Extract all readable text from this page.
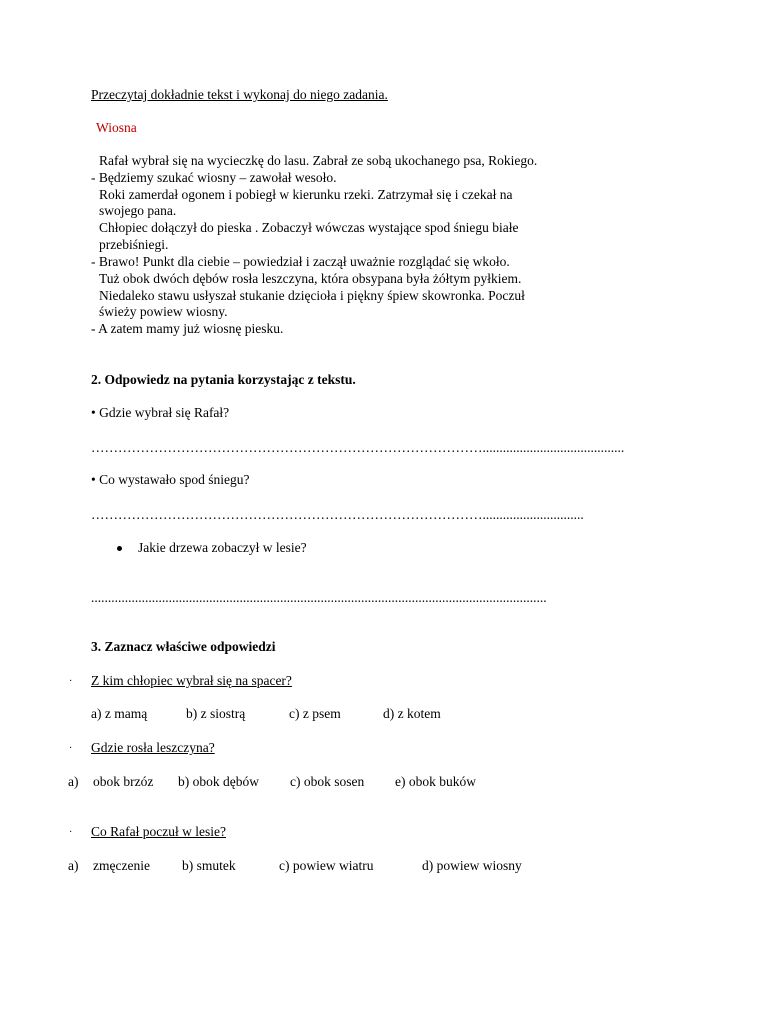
Przeczytaj dokładnie tekst i wykonaj do niego zadania.
Wiosna
Rafał wybrał się na wycieczkę do lasu. Zabrał ze sobą ukochanego psa, Rokiego.
- Będziemy szukać wiosny – zawołał wesoło.
Roki zamerdał ogonem i pobiegł w kierunku rzeki. Zatrzymał się i czekał na
swojego pana.
Chłopiec dołączył do pieska . Zobaczył wówczas wystające spod śniegu białe
przebiśniegi.
- Brawo! Punkt dla ciebie – powiedział i zaczął uważnie rozglądać się wkoło.
Tuż obok dwóch dębów rosła leszczyna, która obsypana była żółtym pyłkiem.
Niedaleko stawu usłyszał stukanie dzięcioła i piękny śpiew skowronka. Poczuł
świeży powiew wiosny.
- A zatem mamy już wiosnę piesku.
2. Odpowiedz na pytania korzystając z tekstu.
• Gdzie wybrał się Rafał?
……………………………………………………………………………..........................................
• Co wystawało spod śniegu?
……………………………………………………………………………..............................
Jakie drzewa zobaczył w lesie?
.......................................................................................................................................
3. Zaznacz właściwe odpowiedzi
· Z kim chłopiec wybrał się na spacer?
a) z mamą	b) z siostrą	c) z psem	d) z kotem
· Gdzie rosła leszczyna?
a) obok brzóz b) obok dębów c) obok sosen e) obok buków
· Co Rafał poczuł w lesie?
a) zmęczenie b) smutek	c) powiew wiatru	d) powiew wiosny
